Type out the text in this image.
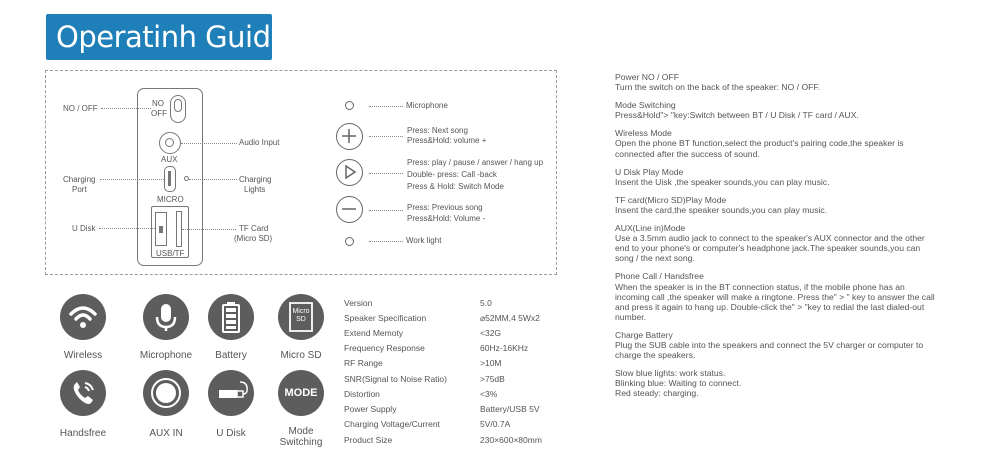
Operatinh Guide
NO
OFF
AUX
MICRO
USB/TF
NO / OFF
Charging
Port
U Disk
Audio Input
Charging
Lights
TF Card
(Micro SD)
Microphone
Press: Next song
Press&Hold: volume +
Press: play / pause / answer / hang up
Double- press: Call -back
Press & Hold: Switch Mode
Press: Previous song
Press&Hold: Volume -
Work light
Wireless	Microphone	Battery
Micro SD
Micro SD
Handsfree	AUX IN	U Disk
MODE
Mode
Switching
Version	5.0
Speaker Specification	⌀52MM,4 5Wx2
Extend Memoty	<32G
Frequency Response	60Hz-16KHz
RF Range	>10M
SNR(Signal to Noise Ratio)	>75dB
Distortion	<3%
Power Supply	Battery/USB 5V
Charging Voltage/Current	5V/0.7A
Product Size	230×600×80mm
Power NO / OFF
Turn the switch on the back of the speaker: NO / OFF.
Mode Switching
Press&Hold"> "key:Switch between BT / U Disk / TF card / AUX.
Wireless Mode
Open the phone BT function,select the product's pairing code,the speaker is
connected after the success of sound.
U Disk Play Mode
Insent the Uisk ,the speaker sounds,you can play music.
TF card(Micro SD)Play Mode
Insent the card,the speaker sounds,you can play music.
AUX(Line in)Mode
Use a 3.5mm audio jack to connect to the speaker's AUX connector and the other
end to your phone's or computer's headphone jack.The speaker sounds,you can
song / the next song.
Phone Call / Handsfree
When the speaker is in the BT connection status, if the mobile phone has an
incoming call ,the speaker will make a ringtone. Press the" > " key to answer the call
and press it again to hang up. Double-click the" > "key to redial the last dialed-out
number.
Charge Battery
Plug the SUB cable into the speakers and connect the 5V charger or computer to
charge the speakers.
Slow blue lights: work status.
Blinking blue: Waiting to connect.
Red steady: charging.
